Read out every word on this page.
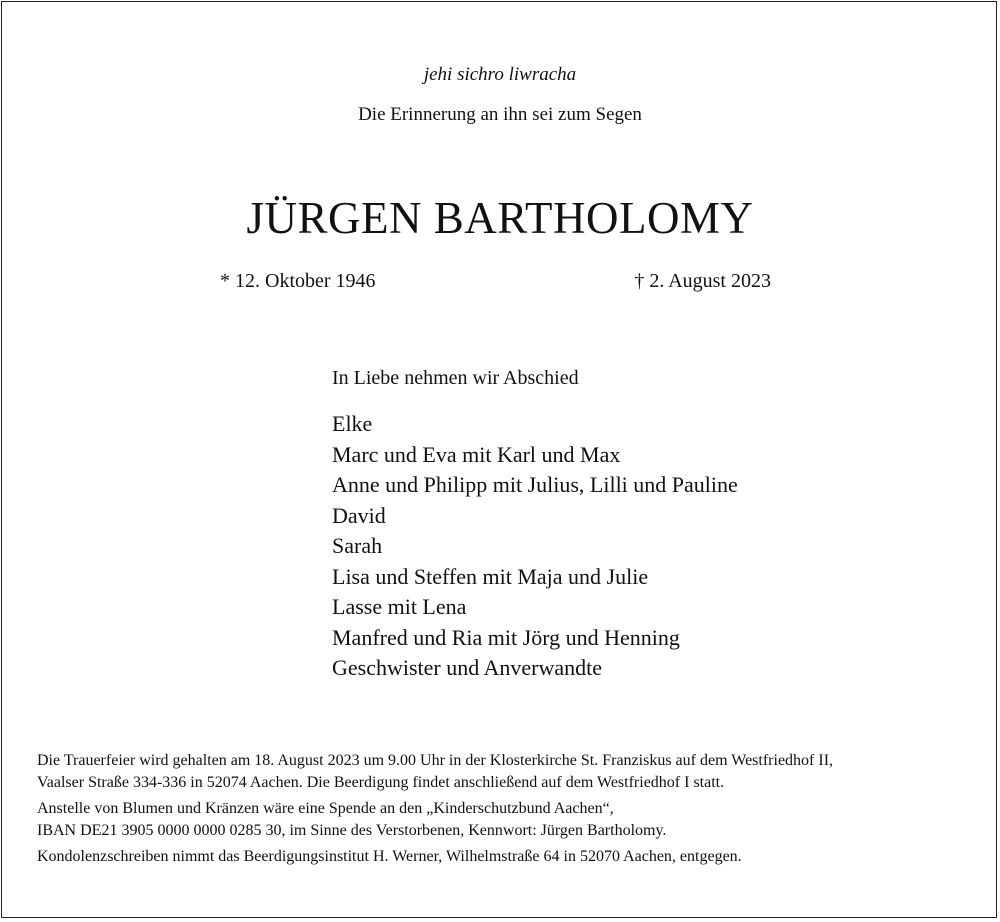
jehi sichro liwracha
Die Erinnerung an ihn sei zum Segen
JÜRGEN BARTHOLOMY
* 12. Oktober 1946	† 2. August 2023
In Liebe nehmen wir Abschied
Elke
Marc und Eva mit Karl und Max
Anne und Philipp mit Julius, Lilli und Pauline
David
Sarah
Lisa und Steffen mit Maja und Julie
Lasse mit Lena
Manfred und Ria mit Jörg und Henning
Geschwister und Anverwandte

Die Trauerfeier wird gehalten am 18. August 2023 um 9.00 Uhr in der Klosterkirche St. Franziskus auf dem Westfriedhof II,
Vaalser Straße 334-336 in 52074 Aachen. Die Beerdigung findet anschließend auf dem Westfriedhof I statt.

Anstelle von Blumen und Kränzen wäre eine Spende an den „Kinderschutzbund Aachen“,
IBAN DE21 3905 0000 0000 0285 30, im Sinne des Verstorbenen, Kennwort: Jürgen Bartholomy.

Kondolenzschreiben nimmt das Beerdigungsinstitut H. Werner, Wilhelmstraße 64 in 52070 Aachen, entgegen.
